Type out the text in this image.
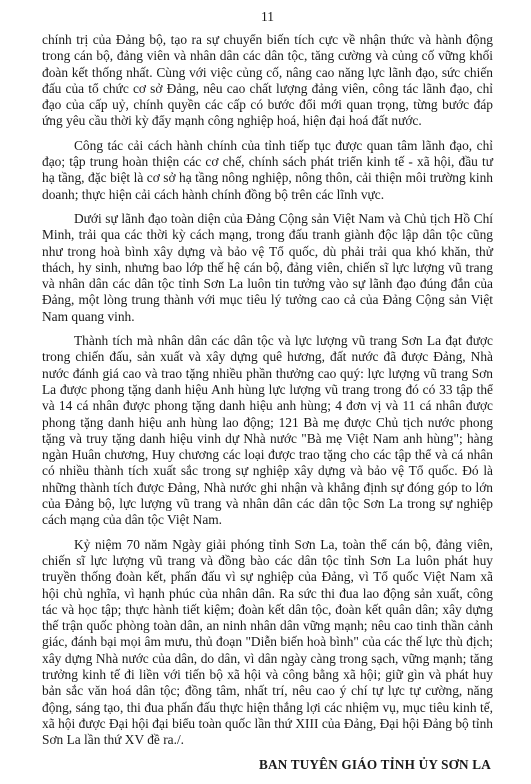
11

chính trị của Đảng bộ, tạo ra sự chuyển biến tích cực về nhận thức và hành động trong cán bộ, đảng viên và nhân dân các dân tộc, tăng cường và củng cố vững khối đoàn kết thống nhất. Cùng với việc củng cố, nâng cao năng lực lãnh đạo, sức chiến đấu của tổ chức cơ sở Đảng, nêu cao chất lượng đảng viên, công tác lãnh đạo, chỉ đạo của cấp uỷ, chính quyền các cấp có bước đổi mới quan trọng, từng bước đáp ứng yêu cầu thời kỳ đẩy mạnh công nghiệp hoá, hiện đại hoá đất nước.

Công tác cải cách hành chính của tỉnh tiếp tục được quan tâm lãnh đạo, chỉ đạo; tập trung hoàn thiện các cơ chế, chính sách phát triển kinh tế - xã hội, đầu tư hạ tầng, đặc biệt là cơ sở hạ tầng nông nghiệp, nông thôn, cải thiện môi trường kinh doanh; thực hiện cải cách hành chính đồng bộ trên các lĩnh vực.

Dưới sự lãnh đạo toàn diện của Đảng Cộng sản Việt Nam và Chủ tịch Hồ Chí Minh, trải qua các thời kỳ cách mạng, trong đấu tranh giành độc lập dân tộc cũng như trong hoà bình xây dựng và bảo vệ Tổ quốc, dù phải trải qua khó khăn, thử thách, hy sinh, nhưng bao lớp thế hệ cán bộ, đảng viên, chiến sĩ lực lượng vũ trang và nhân dân các dân tộc tỉnh Sơn La luôn tin tưởng vào sự lãnh đạo đúng đắn của Đảng, một lòng trung thành với mục tiêu lý tưởng cao cả của Đảng Cộng sản Việt Nam quang vinh.

Thành tích mà nhân dân các dân tộc và lực lượng vũ trang Sơn La đạt được trong chiến đấu, sản xuất và xây dựng quê hương, đất nước đã được Đảng, Nhà nước đánh giá cao và trao tặng nhiều phần thưởng cao quý: lực lượng vũ trang Sơn La được phong tặng danh hiệu Anh hùng lực lượng vũ trang trong đó có 33 tập thể và 14 cá nhân được phong tặng danh hiệu anh hùng; 4 đơn vị và 11 cá nhân được phong tặng danh hiệu anh hùng lao động; 121 Bà mẹ được Chủ tịch nước phong tặng và truy tặng danh hiệu vinh dự Nhà nước "Bà mẹ Việt Nam anh hùng"; hàng ngàn Huân chương, Huy chương các loại được trao tặng cho các tập thể và cá nhân có nhiều thành tích xuất sắc trong sự nghiệp xây dựng và bảo vệ Tổ quốc. Đó là những thành tích được Đảng, Nhà nước ghi nhận và khẳng định sự đóng góp to lớn của Đảng bộ, lực lượng vũ trang và nhân dân các dân tộc Sơn La trong sự nghiệp cách mạng của dân tộc Việt Nam.

Kỷ niệm 70 năm Ngày giải phóng tỉnh Sơn La, toàn thể cán bộ, đảng viên, chiến sĩ lực lượng vũ trang và đồng bào các dân tộc tỉnh Sơn La luôn phát huy truyền thống đoàn kết, phấn đấu vì sự nghiệp của Đảng, vì Tổ quốc Việt Nam xã hội chủ nghĩa, vì hạnh phúc của nhân dân. Ra sức thi đua lao động sản xuất, công tác và học tập; thực hành tiết kiệm; đoàn kết dân tộc, đoàn kết quân dân; xây dựng thế trận quốc phòng toàn dân, an ninh nhân dân vững mạnh; nêu cao tinh thần cảnh giác, đánh bại mọi âm mưu, thủ đoạn "Diễn biến hoà bình" của các thế lực thù địch; xây dựng Nhà nước của dân, do dân, vì dân ngày càng trong sạch, vững mạnh; tăng trưởng kinh tế đi liền với tiến bộ xã hội và công bằng xã hội; giữ gìn và phát huy bản sắc văn hoá dân tộc; đồng tâm, nhất trí, nêu cao ý chí tự lực tự cường, năng động, sáng tạo, thi đua phấn đấu thực hiện thắng lợi các nhiệm vụ, mục tiêu kinh tế, xã hội được Đại hội đại biểu toàn quốc lần thứ XIII của Đảng, Đại hội Đảng bộ tỉnh Sơn La lần thứ XV đề ra./.

BAN TUYÊN GIÁO TỈNH ỦY SƠN LA
